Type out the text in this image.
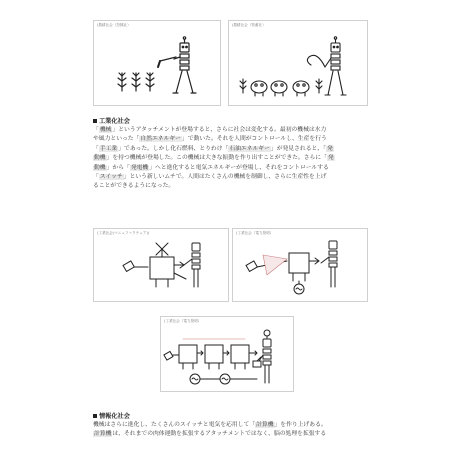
(農耕社会（狩猟社）	(農耕社会（牧畜社）
工業化社会
「機械」というアタッチメントが登場すると、さらに社会は変化する。最初の機械は水力
や風力といった「自然エネルギー」で動いた。それを人間がコントロールし、生産を行う
「手工業」であった。しかし化石燃料、とりわけ「石油エネルギー」が発見されると、「発
動機」を持つ機械が登場した。この機械は大きな振動を作り出すことができた。さらに「発
動機」から「発電機」へと進化すると電気エネルギーが登場し、それをコントロールする
「スイッチ」という新しいムチで。人間はたくさんの機械を制御し、さらに生産性を上げ
ることができるようになった。
(工業社会(マニュファクチュア))	(工業社会（電力発明）
(工業社会（電力発明）
情報化社会
機械はさらに進化し、たくさんのスイッチと電気を応用して「計算機」を作り上げある。
計算機は、それまでの肉体運動を拡張するアタッチメントではなく、脳の処理を拡張する
